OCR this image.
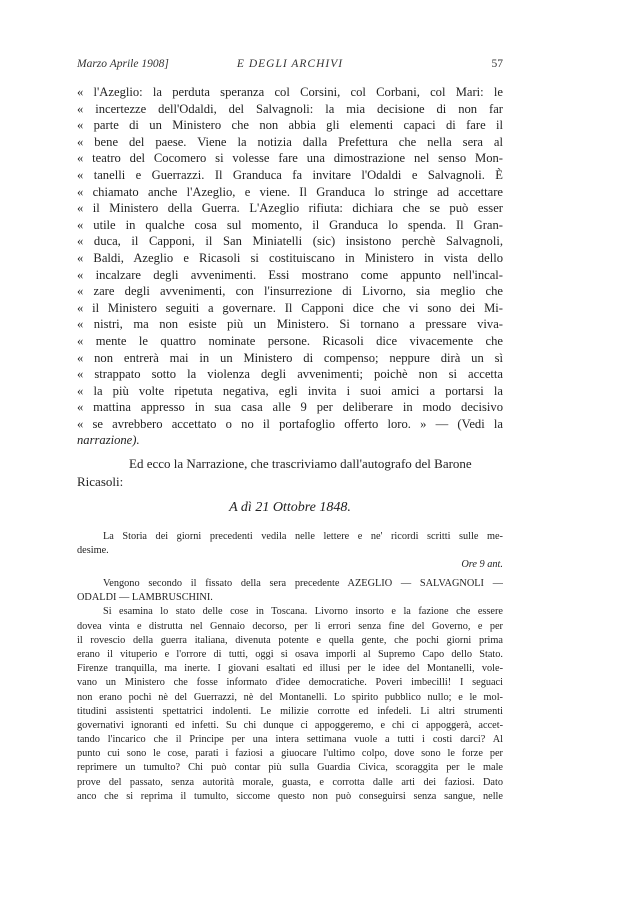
Marzo Aprile 1908]	E DEGLI ARCHIVI	57
« l'Azeglio: la perduta speranza col Corsini, col Corbani, col Mari: le
« incertezze dell'Odaldi, del Salvagnoli: la mia decisione di non far
« parte di un Ministero che non abbia gli elementi capaci di fare il
« bene del paese. Viene la notizia dalla Prefettura che nella sera al
« teatro del Cocomero si volesse fare una dimostrazione nel senso Mon-
« tanelli e Guerrazzi. Il Granduca fa invitare l'Odaldi e Salvagnoli. È
« chiamato anche l'Azeglio, e viene. Il Granduca lo stringe ad accettare
« il Ministero della Guerra. L'Azeglio rifiuta: dichiara che se può esser
« utile in qualche cosa sul momento, il Granduca lo spenda. Il Gran-
« duca, il Capponi, il San Miniatelli (sic) insistono perchè Salvagnoli,
« Baldi, Azeglio e Ricasoli si costituiscano in Ministero in vista dello
« incalzare degli avvenimenti. Essi mostrano come appunto nell'incal-
« zare degli avvenimenti, con l'insurrezione di Livorno, sia meglio che
« il Ministero seguiti a governare. Il Capponi dice che vi sono dei Mi-
« nistri, ma non esiste più un Ministero. Si tornano a pressare viva-
« mente le quattro nominate persone. Ricasoli dice vivacemente che
« non entrerà mai in un Ministero di compenso; neppure dirà un sì
« strappato sotto la violenza degli avvenimenti; poichè non si accetta
« la più volte ripetuta negativa, egli invita i suoi amici a portarsi la
« mattina appresso in sua casa alle 9 per deliberare in modo decisivo
« se avrebbero accettato o no il portafoglio offerto loro. » — (Vedi la
narrazione).
Ed ecco la Narrazione, che trascriviamo dall'autografo del Barone
Ricasoli:
A dì 21 Ottobre 1848.
La Storia dei giorni precedenti vedila nelle lettere e ne' ricordi scritti sulle me-
desime.
Ore 9 ant.
Vengono secondo il fissato della sera precedente AZEGLIO — SALVAGNOLI —
ODALDI — LAMBRUSCHINI.
Si esamina lo stato delle cose in Toscana. Livorno insorto e la fazione che essere
dovea vinta e distrutta nel Gennaio decorso, per li errori senza fine del Governo, e per
il rovescio della guerra italiana, divenuta potente e quella gente, che pochi giorni prima
erano il vituperio e l'orrore di tutti, oggi si osava imporli al Supremo Capo dello Stato.
Firenze tranquilla, ma inerte. I giovani esaltati ed illusi per le idee del Montanelli, vole-
vano un Ministero che fosse informato d'idee democratiche. Poveri imbecilli! I seguaci
non erano pochi nè del Guerrazzi, nè del Montanelli. Lo spirito pubblico nullo; e le mol-
titudini assistenti spettatrici indolenti. Le milizie corrotte ed infedeli. Li altri strumenti
governativi ignoranti ed infetti. Su chi dunque ci appoggeremo, e chi ci appoggerà, accet-
tando l'incarico che il Principe per una intera settimana vuole a tutti i costi darci? Al
punto cui sono le cose, parati i faziosi a giuocare l'ultimo colpo, dove sono le forze per
reprimere un tumulto? Chi può contar più sulla Guardia Civica, scoraggita per le male
prove del passato, senza autorità morale, guasta, e corrotta dalle arti dei faziosi. Dato
anco che si reprima il tumulto, siccome questo non può conseguirsi senza sangue, nelle
